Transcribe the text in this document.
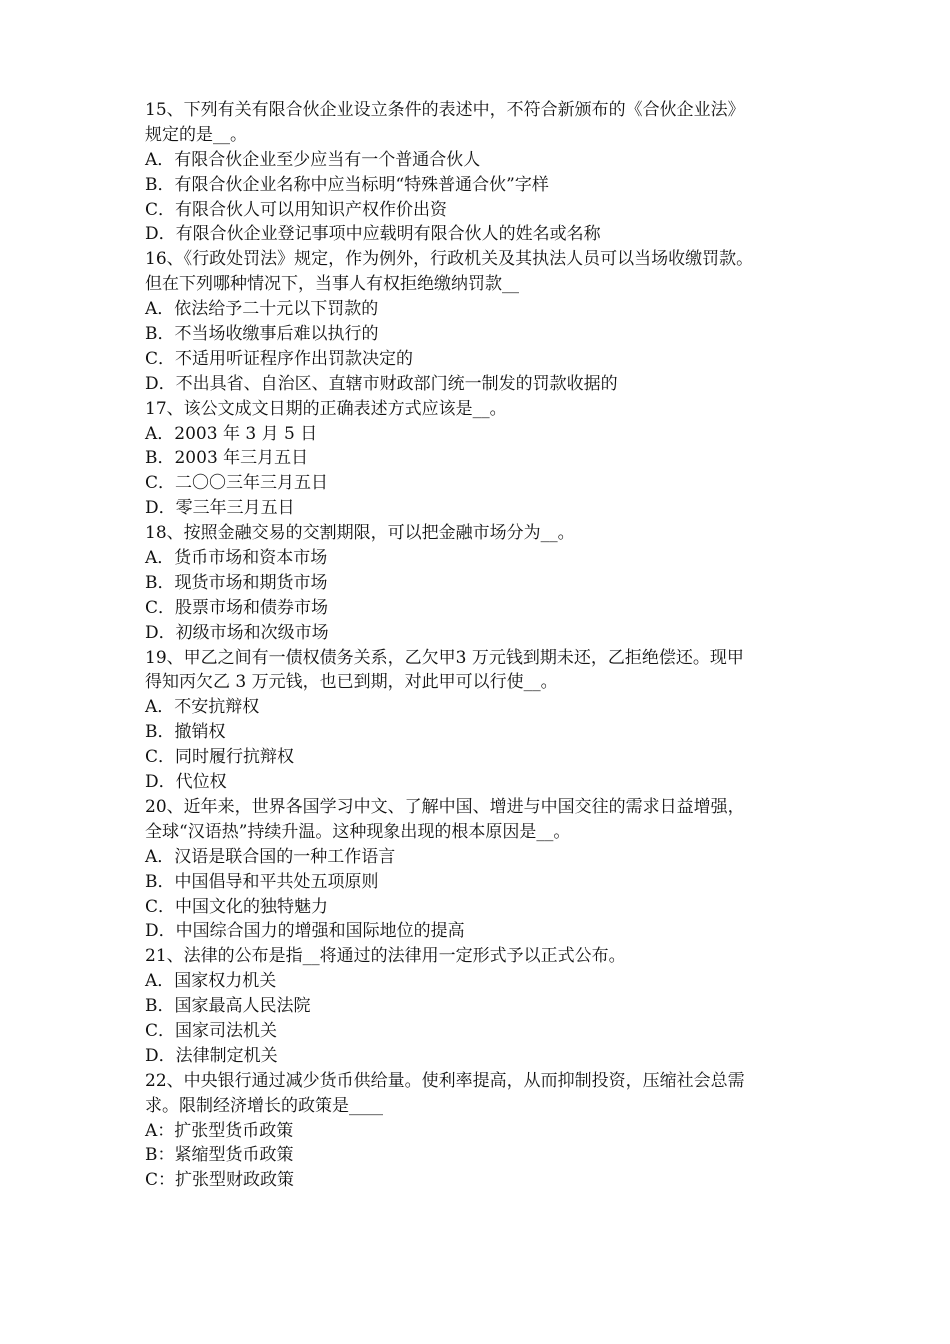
15、下列有关有限合伙企业设立条件的表述中，不符合新颁布的《合伙企业法》
规定的是__。
A．有限合伙企业至少应当有一个普通合伙人
B．有限合伙企业名称中应当标明“特殊普通合伙”字样
C．有限合伙人可以用知识产权作价出资
D．有限合伙企业登记事项中应载明有限合伙人的姓名或名称
16、《行政处罚法》规定，作为例外，行政机关及其执法人员可以当场收缴罚款。
但在下列哪种情况下，当事人有权拒绝缴纳罚款__
A．依法给予二十元以下罚款的
B．不当场收缴事后难以执行的
C．不适用听证程序作出罚款决定的
D．不出具省、自治区、直辖市财政部门统一制发的罚款收据的
17、该公文成文日期的正确表述方式应该是__。
A．2003 年 3 月 5 日
B．2003 年三月五日
C．二〇〇三年三月五日
D．零三年三月五日
18、按照金融交易的交割期限，可以把金融市场分为__。
A．货币市场和资本市场
B．现货市场和期货市场
C．股票市场和债券市场
D．初级市场和次级市场
19、甲乙之间有一债权债务关系，乙欠甲3 万元钱到期未还，乙拒绝偿还。现甲
得知丙欠乙 3 万元钱，也已到期，对此甲可以行使__。
A．不安抗辩权
B．撤销权
C．同时履行抗辩权
D．代位权
20、近年来，世界各国学习中文、了解中国、增进与中国交往的需求日益增强，
全球“汉语热”持续升温。这种现象出现的根本原因是__。
A．汉语是联合国的一种工作语言
B．中国倡导和平共处五项原则
C．中国文化的独特魅力
D．中国综合国力的增强和国际地位的提高
21、法律的公布是指__将通过的法律用一定形式予以正式公布。
A．国家权力机关
B．国家最高人民法院
C．国家司法机关
D．法律制定机关
22、中央银行通过减少货币供给量。使利率提高，从而抑制投资，压缩社会总需
求。限制经济增长的政策是____
A：扩张型货币政策
B：紧缩型货币政策
C：扩张型财政政策
